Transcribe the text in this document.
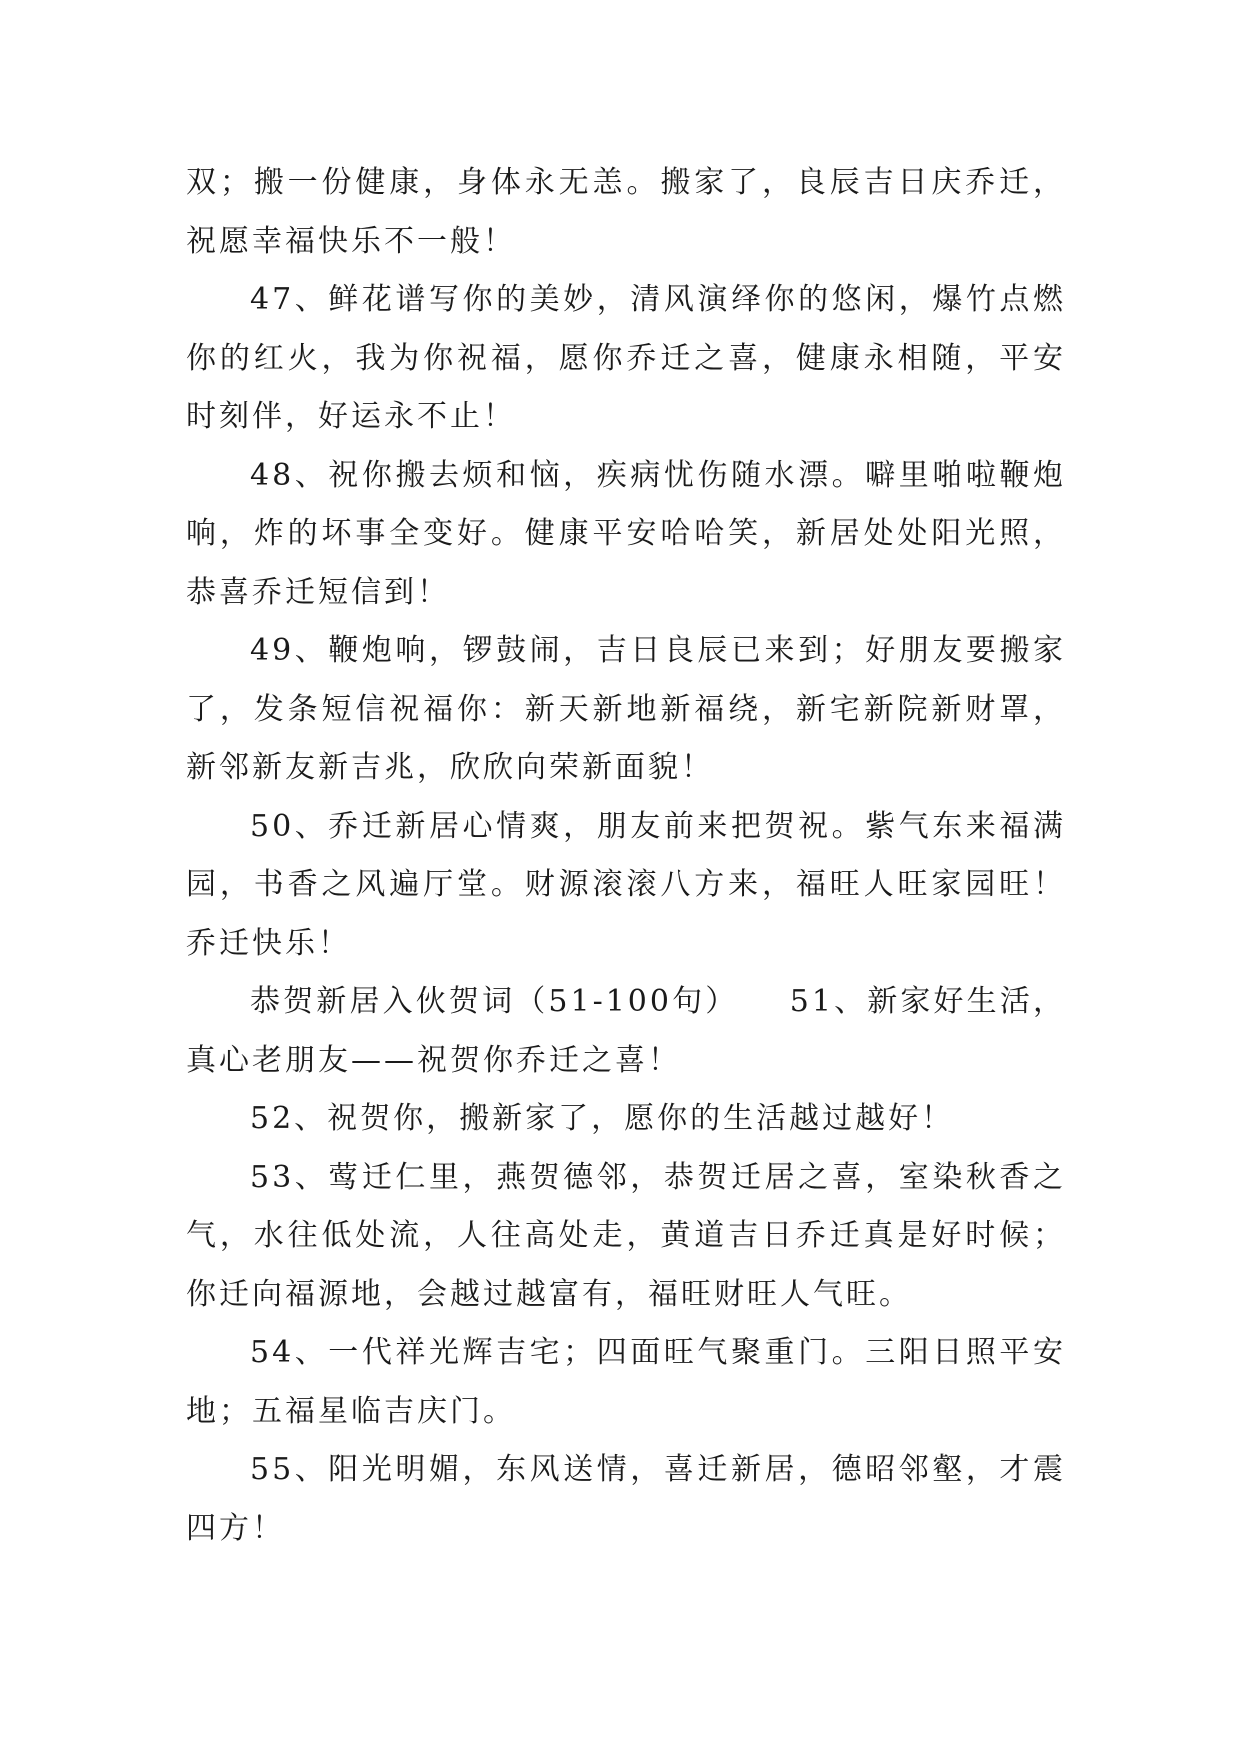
双；搬一份健康，身体永无恙。搬家了，良辰吉日庆乔迁，祝愿幸福快乐不一般！

47、鲜花谱写你的美妙，清风演绎你的悠闲，爆竹点燃你的红火，我为你祝福，愿你乔迁之喜，健康永相随，平安时刻伴，好运永不止！

48、祝你搬去烦和恼，疾病忧伤随水漂。噼里啪啦鞭炮响，炸的坏事全变好。健康平安哈哈笑，新居处处阳光照，恭喜乔迁短信到！

49、鞭炮响，锣鼓闹，吉日良辰已来到；好朋友要搬家了，发条短信祝福你：新天新地新福绕，新宅新院新财罩，新邻新友新吉兆，欣欣向荣新面貌！

50、乔迁新居心情爽，朋友前来把贺祝。紫气东来福满园，书香之风遍厅堂。财源滚滚八方来，福旺人旺家园旺！乔迁快乐！

恭贺新居入伙贺词（51-100句）　　51、新家好生活，真心老朋友——祝贺你乔迁之喜！

52、祝贺你，搬新家了，愿你的生活越过越好！

53、莺迁仁里，燕贺德邻，恭贺迁居之喜，室染秋香之气，水往低处流，人往高处走，黄道吉日乔迁真是好时候；你迁向福源地，会越过越富有，福旺财旺人气旺。

54、一代祥光辉吉宅；四面旺气聚重门。三阳日照平安地；五福星临吉庆门。

55、阳光明媚，东风送情，喜迁新居，德昭邻壑，才震四方！
